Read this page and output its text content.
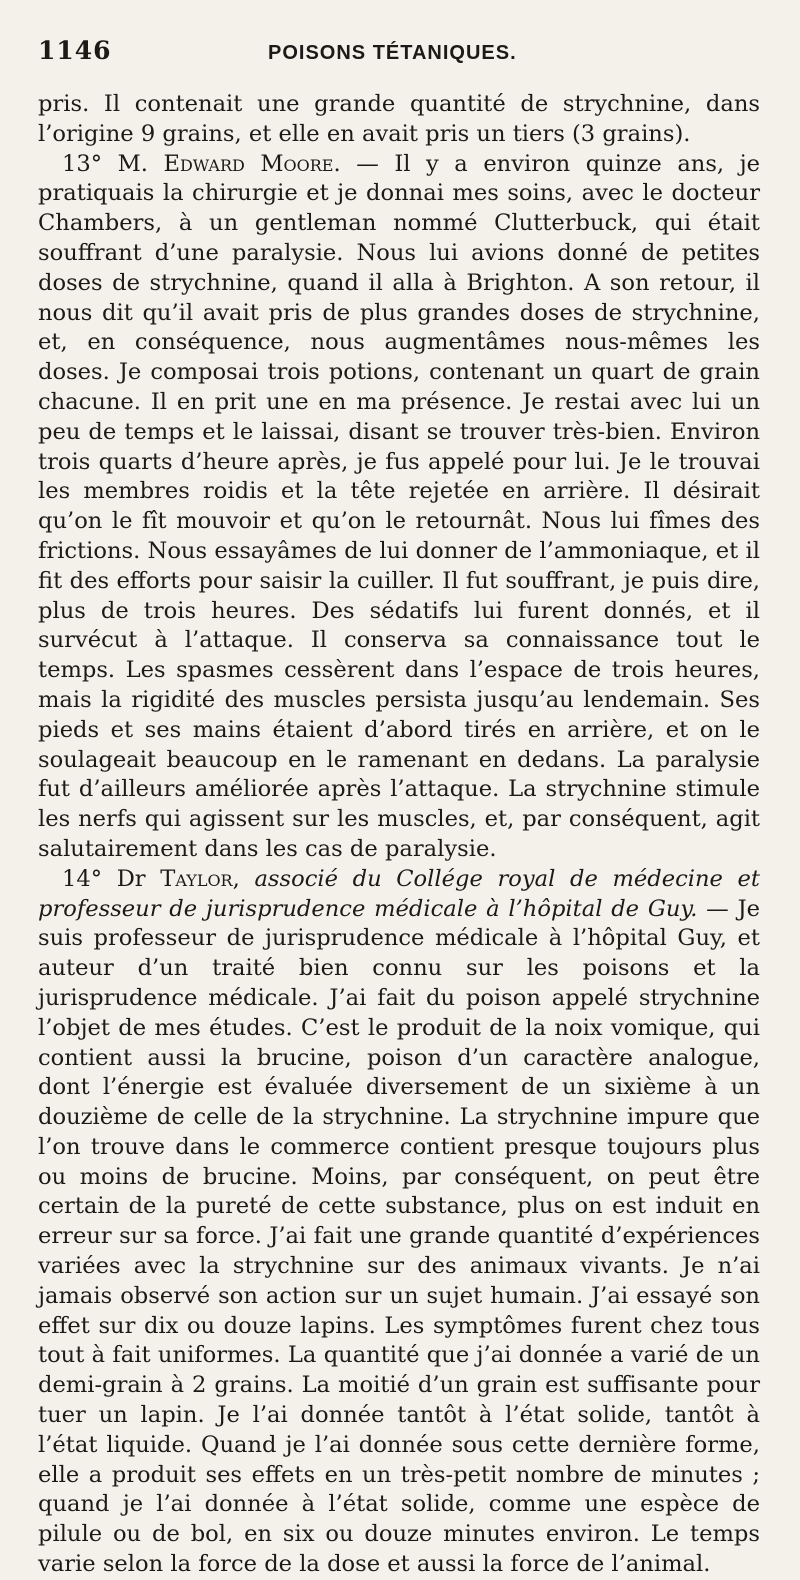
1146	POISONS TÉTANIQUES.

pris. Il contenait une grande quantité de strychnine, dans l’origine 9 grains, et elle en avait pris un tiers (3 grains).

13° M. Edward Moore. — Il y a environ quinze ans, je pratiquais la chirurgie et je donnai mes soins, avec le docteur Chambers, à un gentleman nommé Clutterbuck, qui était souffrant d’une paralysie. Nous lui avions donné de petites doses de strychnine, quand il alla à Brighton. A son retour, il nous dit qu’il avait pris de plus grandes doses de strychnine, et, en conséquence, nous augmentâmes nous-mêmes les doses. Je composai trois potions, contenant un quart de grain chacune. Il en prit une en ma présence. Je restai avec lui un peu de temps et le laissai, disant se trouver très-bien. Environ trois quarts d’heure après, je fus appelé pour lui. Je le trouvai les membres roidis et la tête rejetée en arrière. Il désirait qu’on le fît mouvoir et qu’on le retournât. Nous lui fîmes des frictions. Nous essayâmes de lui donner de l’ammoniaque, et il fit des efforts pour saisir la cuiller. Il fut souffrant, je puis dire, plus de trois heures. Des sédatifs lui furent donnés, et il survécut à l’attaque. Il conserva sa connaissance tout le temps. Les spasmes cessèrent dans l’espace de trois heures, mais la rigidité des muscles persista jusqu’au lendemain. Ses pieds et ses mains étaient d’abord tirés en arrière, et on le soulageait beaucoup en le ramenant en dedans. La paralysie fut d’ailleurs améliorée après l’attaque. La strychnine stimule les nerfs qui agissent sur les muscles, et, par conséquent, agit salutairement dans les cas de paralysie.

14° Dr Taylor, associé du Collége royal de médecine et professeur de jurisprudence médicale à l’hôpital de Guy. — Je suis professeur de jurisprudence médicale à l’hôpital Guy, et auteur d’un traité bien connu sur les poisons et la jurisprudence médicale. J’ai fait du poison appelé strychnine l’objet de mes études. C’est le produit de la noix vomique, qui contient aussi la brucine, poison d’un caractère analogue, dont l’énergie est évaluée diversement de un sixième à un douzième de celle de la strychnine. La strychnine impure que l’on trouve dans le commerce contient presque toujours plus ou moins de brucine. Moins, par conséquent, on peut être certain de la pureté de cette substance, plus on est induit en erreur sur sa force. J’ai fait une grande quantité d’expériences variées avec la strychnine sur des animaux vivants. Je n’ai jamais observé son action sur un sujet humain. J’ai essayé son effet sur dix ou douze lapins. Les symptômes furent chez tous tout à fait uniformes. La quantité que j’ai donnée a varié de un demi-grain à 2 grains. La moitié d’un grain est suffisante pour tuer un lapin. Je l’ai donnée tantôt à l’état solide, tantôt à l’état liquide. Quand je l’ai donnée sous cette dernière forme, elle a produit ses effets en un très-petit nombre de minutes ; quand je l’ai donnée à l’état solide, comme une espèce de pilule ou de bol, en six ou douze minutes environ. Le temps varie selon la force de la dose et aussi la force de l’animal.
